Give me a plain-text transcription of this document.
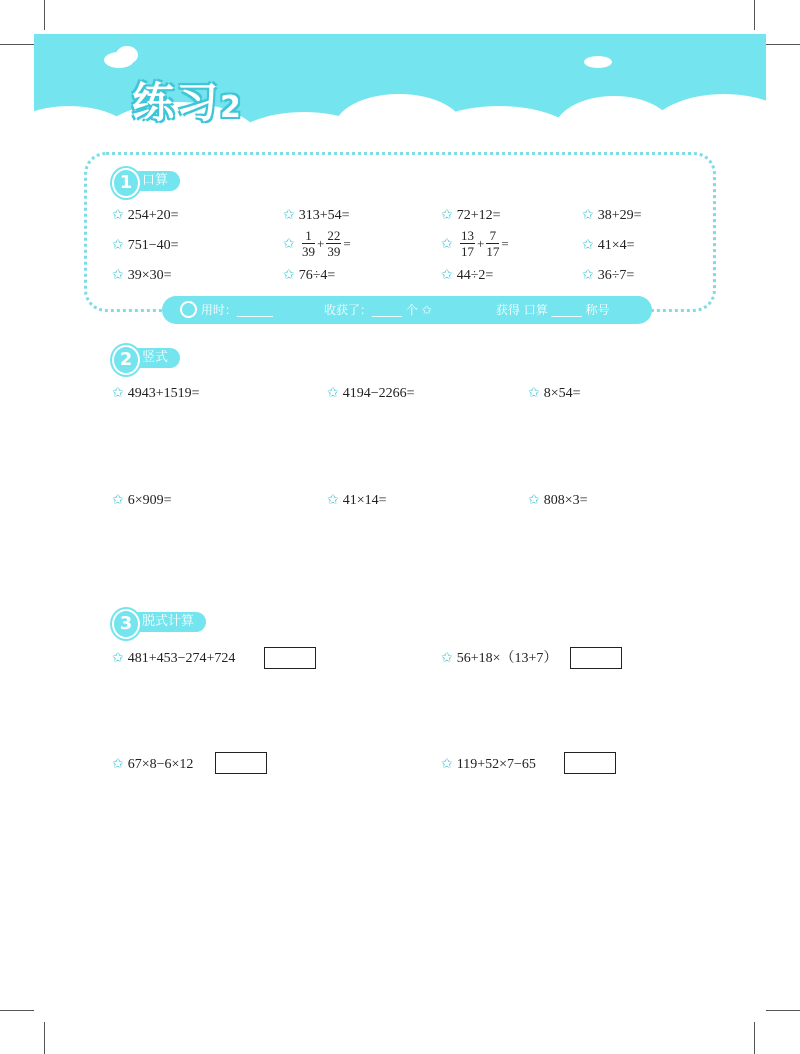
练习2
1 口算
✩ 254+20=	✩ 313+54=	✩ 72+12=	✩ 38+29=
✩ 751−40=	✩ $\frac{1}{39} + \frac{22}{39}$ =	✩ $\frac{13}{17} + \frac{7}{17}$ =	✩ 41×4=
✩ 39×30=	✩ 76÷4=	✩ 44÷2=	✩ 36÷7=
用时：______	收获了：_____ 个 ✩	获得 口算 _____ 称号
2 竖式
✩ 4943+1519=	✩ 4194−2266=	✩ 8×54=
✩ 6×909=	✩ 41×14=	✩ 808×3=
3 脱式计算
✩ 481+453−274+724	✩ 56+18×（13+7）
✩ 67×8−6×12	✩ 119+52×7−65
